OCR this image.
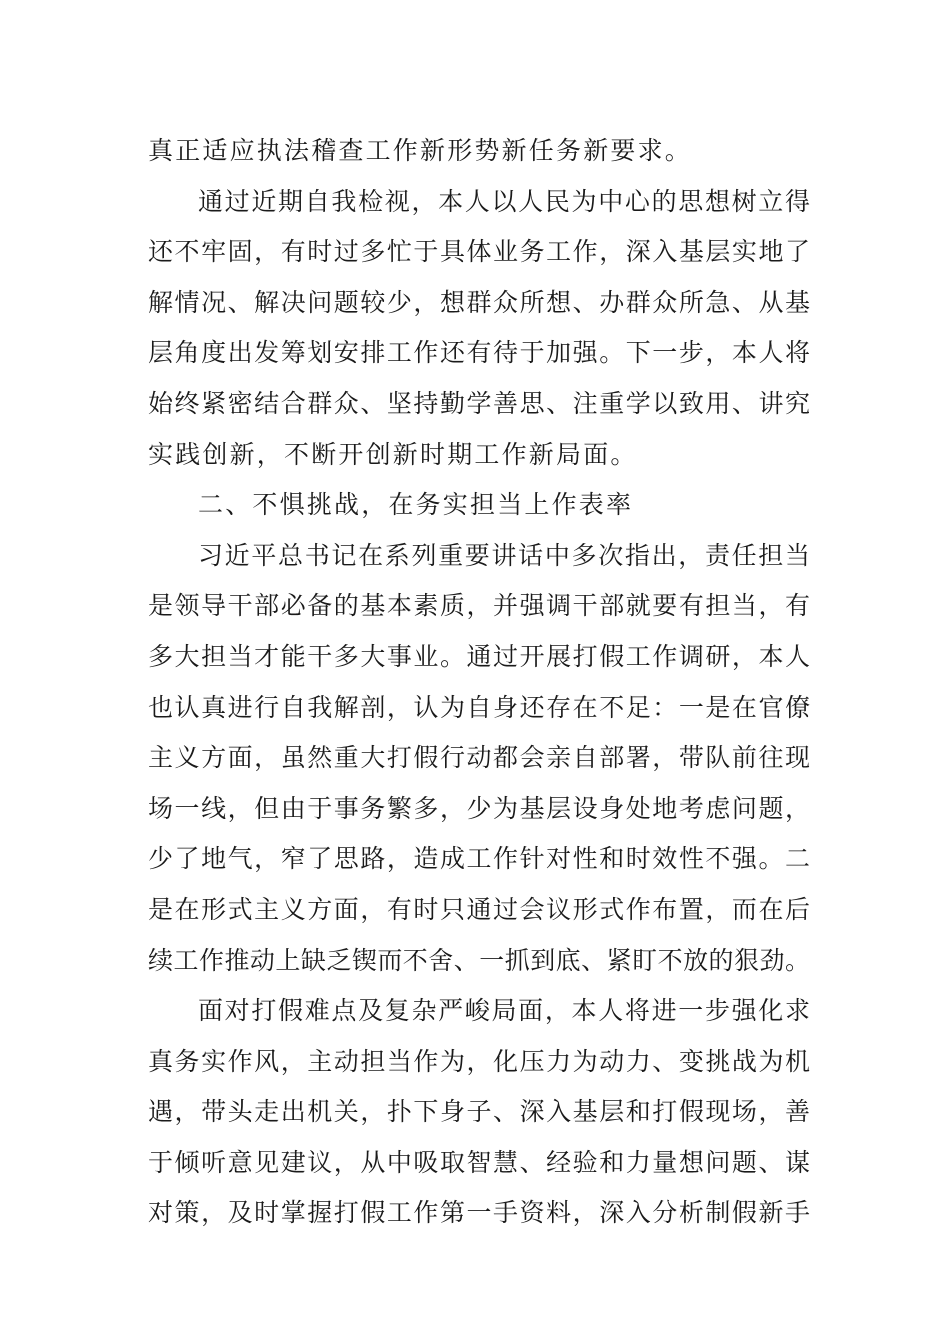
真正适应执法稽查工作新形势新任务新要求。
通过近期自我检视，本人以人民为中心的思想树立得
还不牢固，有时过多忙于具体业务工作，深入基层实地了
解情况、解决问题较少，想群众所想、办群众所急、从基
层角度出发筹划安排工作还有待于加强。下一步，本人将
始终紧密结合群众、坚持勤学善思、注重学以致用、讲究
实践创新，不断开创新时期工作新局面。
二、不惧挑战，在务实担当上作表率
习近平总书记在系列重要讲话中多次指出，责任担当
是领导干部必备的基本素质，并强调干部就要有担当，有
多大担当才能干多大事业。通过开展打假工作调研，本人
也认真进行自我解剖，认为自身还存在不足：一是在官僚
主义方面，虽然重大打假行动都会亲自部署，带队前往现
场一线，但由于事务繁多，少为基层设身处地考虑问题，
少了地气，窄了思路，造成工作针对性和时效性不强。二
是在形式主义方面，有时只通过会议形式作布置，而在后
续工作推动上缺乏锲而不舍、一抓到底、紧盯不放的狠劲。
面对打假难点及复杂严峻局面，本人将进一步强化求
真务实作风，主动担当作为，化压力为动力、变挑战为机
遇，带头走出机关，扑下身子、深入基层和打假现场，善
于倾听意见建议，从中吸取智慧、经验和力量想问题、谋
对策，及时掌握打假工作第一手资料，深入分析制假新手
